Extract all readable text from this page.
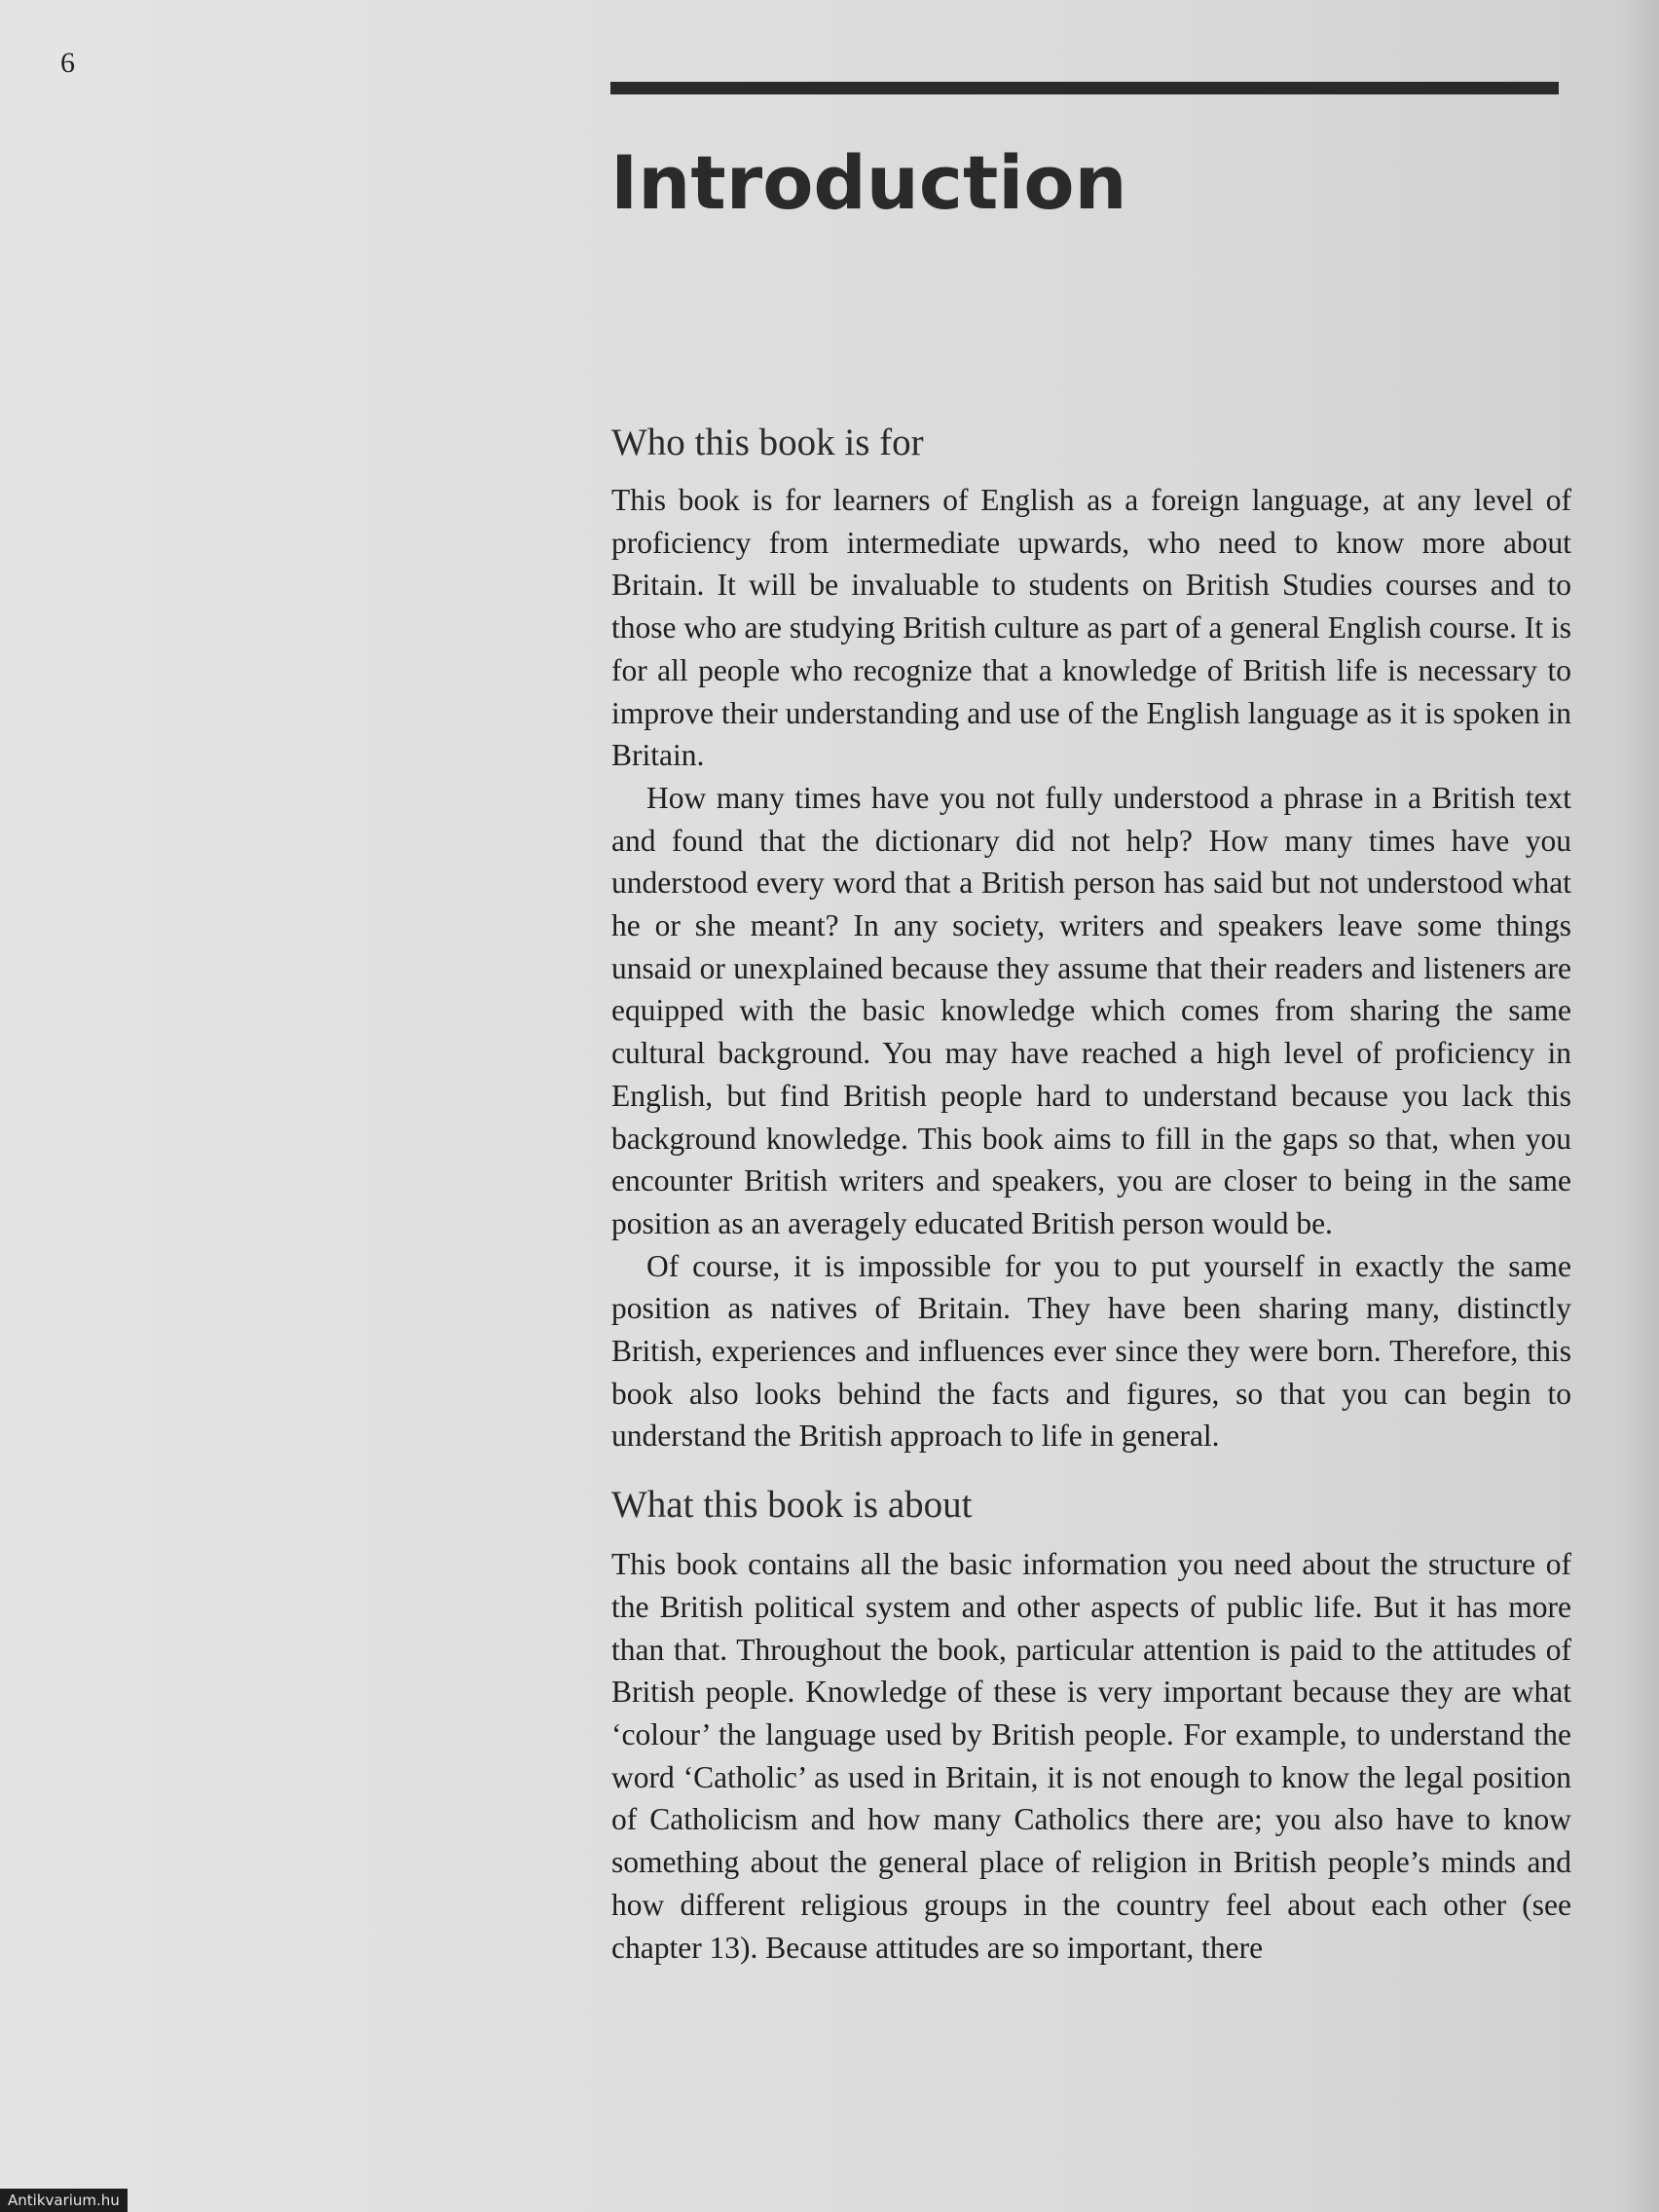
6
Introduction
Who this book is for

This book is for learners of English as a foreign language, at any level of proficiency from intermediate upwards, who need to know more about Britain. It will be invaluable to students on British Studies courses and to those who are studying British culture as part of a general English course. It is for all people who recognize that a knowledge of British life is necessary to improve their understanding and use of the English language as it is spoken in Britain.

How many times have you not fully understood a phrase in a British text and found that the dictionary did not help? How many times have you understood every word that a British person has said but not understood what he or she meant? In any society, writers and speakers leave some things unsaid or unexplained because they assume that their readers and listeners are equipped with the basic knowledge which comes from sharing the same cultural background. You may have reached a high level of proficiency in English, but find British people hard to understand because you lack this background knowledge. This book aims to fill in the gaps so that, when you encounter British writers and speakers, you are closer to being in the same position as an averagely educated British person would be.

Of course, it is impossible for you to put yourself in exactly the same position as natives of Britain. They have been sharing many, distinctly British, experiences and influences ever since they were born. Therefore, this book also looks behind the facts and figures, so that you can begin to understand the British approach to life in general.

What this book is about

This book contains all the basic information you need about the structure of the British political system and other aspects of public life. But it has more than that. Throughout the book, particular attention is paid to the attitudes of British people. Knowledge of these is very important because they are what ‘colour’ the language used by British people. For example, to understand the word ‘Catholic’ as used in Britain, it is not enough to know the legal position of Catholicism and how many Catholics there are; you also have to know something about the general place of religion in British people’s minds and how different religious groups in the country feel about each other (see chapter 13). Because attitudes are so important, there

Antikvarium.hu
